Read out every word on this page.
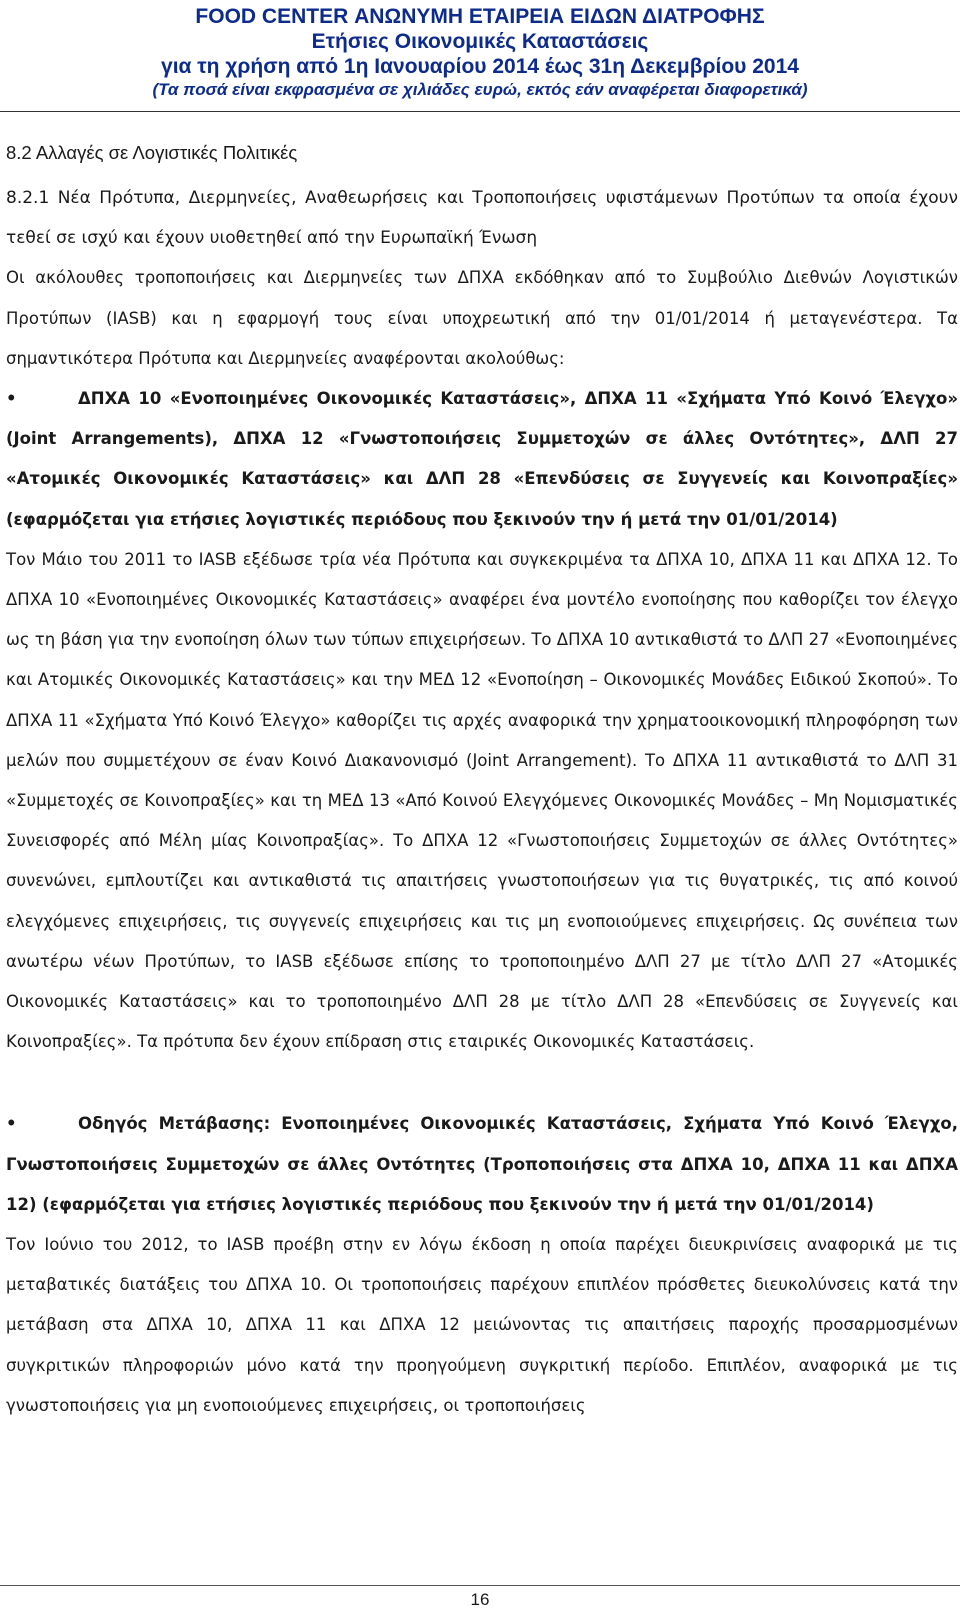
FOOD CENTER ΑΝΩΝΥΜΗ ΕΤΑΙΡΕΙΑ ΕΙΔΩΝ ΔΙΑΤΡΟΦΗΣ
Ετήσιες Οικονομικές Καταστάσεις
για τη χρήση από 1η Ιανουαρίου 2014 έως 31η Δεκεμβρίου 2014
(Τα ποσά είναι εκφρασμένα σε χιλιάδες ευρώ, εκτός εάν αναφέρεται διαφορετικά)
8.2 Αλλαγές σε Λογιστικές Πολιτικές

8.2.1 Νέα Πρότυπα, Διερμηνείες, Αναθεωρήσεις και Τροποποιήσεις υφιστάμενων Προτύπων τα οποία έχουν τεθεί σε ισχύ και έχουν υιοθετηθεί από την Ευρωπαϊκή Ένωση

Οι ακόλουθες τροποποιήσεις και Διερμηνείες των ΔΠΧΑ εκδόθηκαν από το Συμβούλιο Διεθνών Λογιστικών Προτύπων (IASB) και η εφαρμογή τους είναι υποχρεωτική από την 01/01/2014 ή μεταγενέστερα. Τα σημαντικότερα Πρότυπα και Διερμηνείες αναφέρονται ακολούθως:

•	ΔΠΧΑ 10 «Ενοποιημένες Οικονομικές Καταστάσεις», ΔΠΧΑ 11 «Σχήματα Υπό Κοινό Έλεγχο» (Joint Arrangements), ΔΠΧΑ 12 «Γνωστοποιήσεις Συμμετοχών σε άλλες Οντότητες», ΔΛΠ 27 «Ατομικές Οικονομικές Καταστάσεις» και ΔΛΠ 28 «Επενδύσεις σε Συγγενείς και Κοινοπραξίες» (εφαρμόζεται για ετήσιες λογιστικές περιόδους που ξεκινούν την ή μετά την 01/01/2014)

Τον Μάιο του 2011 το IASB εξέδωσε τρία νέα Πρότυπα και συγκεκριμένα τα ΔΠΧΑ 10, ΔΠΧΑ 11 και ΔΠΧΑ 12. Το ΔΠΧΑ 10 «Ενοποιημένες Οικονομικές Καταστάσεις» αναφέρει ένα μοντέλο ενοποίησης που καθορίζει τον έλεγχο ως τη βάση για την ενοποίηση όλων των τύπων επιχειρήσεων. Το ΔΠΧΑ 10 αντικαθιστά το ΔΛΠ 27 «Ενοποιημένες και Ατομικές Οικονομικές Καταστάσεις» και την ΜΕΔ 12 «Ενοποίηση – Οικονομικές Μονάδες Ειδικού Σκοπού». Το ΔΠΧΑ 11 «Σχήματα Υπό Κοινό Έλεγχο» καθορίζει τις αρχές αναφορικά την χρηματοοικονομική πληροφόρηση των μελών που συμμετέχουν σε έναν Κοινό Διακανονισμό (Joint Arrangement). Το ΔΠΧΑ 11 αντικαθιστά το ΔΛΠ 31 «Συμμετοχές σε Κοινοπραξίες» και τη ΜΕΔ 13 «Από Κοινού Ελεγχόμενες Οικονομικές Μονάδες – Μη Νομισματικές Συνεισφορές από Μέλη μίας Κοινοπραξίας». Το ΔΠΧΑ 12 «Γνωστοποιήσεις Συμμετοχών σε άλλες Οντότητες» συνενώνει, εμπλουτίζει και αντικαθιστά τις απαιτήσεις γνωστοποιήσεων για τις θυγατρικές, τις από κοινού ελεγχόμενες επιχειρήσεις, τις συγγενείς επιχειρήσεις και τις μη ενοποιούμενες επιχειρήσεις. Ως συνέπεια των ανωτέρω νέων Προτύπων, το IASB εξέδωσε επίσης το τροποποιημένο ΔΛΠ 27 με τίτλο ΔΛΠ 27 «Ατομικές Οικονομικές Καταστάσεις» και το τροποποιημένο ΔΛΠ 28 με τίτλο ΔΛΠ 28 «Επενδύσεις σε Συγγενείς και Κοινοπραξίες». Τα πρότυπα δεν έχουν επίδραση στις εταιρικές Οικονομικές Καταστάσεις.

•	Οδηγός Μετάβασης: Ενοποιημένες Οικονομικές Καταστάσεις, Σχήματα Υπό Κοινό Έλεγχο, Γνωστοποιήσεις Συμμετοχών σε άλλες Οντότητες (Τροποποιήσεις στα ΔΠΧΑ 10, ΔΠΧΑ 11 και ΔΠΧΑ 12) (εφαρμόζεται για ετήσιες λογιστικές περιόδους που ξεκινούν την ή μετά την 01/01/2014)

Τον Ιούνιο του 2012, το IASB προέβη στην εν λόγω έκδοση η οποία παρέχει διευκρινίσεις αναφορικά με τις μεταβατικές διατάξεις του ΔΠΧΑ 10. Οι τροποποιήσεις παρέχουν επιπλέον πρόσθετες διευκολύνσεις κατά την μετάβαση στα ΔΠΧΑ 10, ΔΠΧΑ 11 και ΔΠΧΑ 12 μειώνοντας τις απαιτήσεις παροχής προσαρμοσμένων συγκριτικών πληροφοριών μόνο κατά την προηγούμενη συγκριτική περίοδο. Επιπλέον, αναφορικά με τις γνωστοποιήσεις για μη ενοποιούμενες επιχειρήσεις, οι τροποποιήσεις

16
